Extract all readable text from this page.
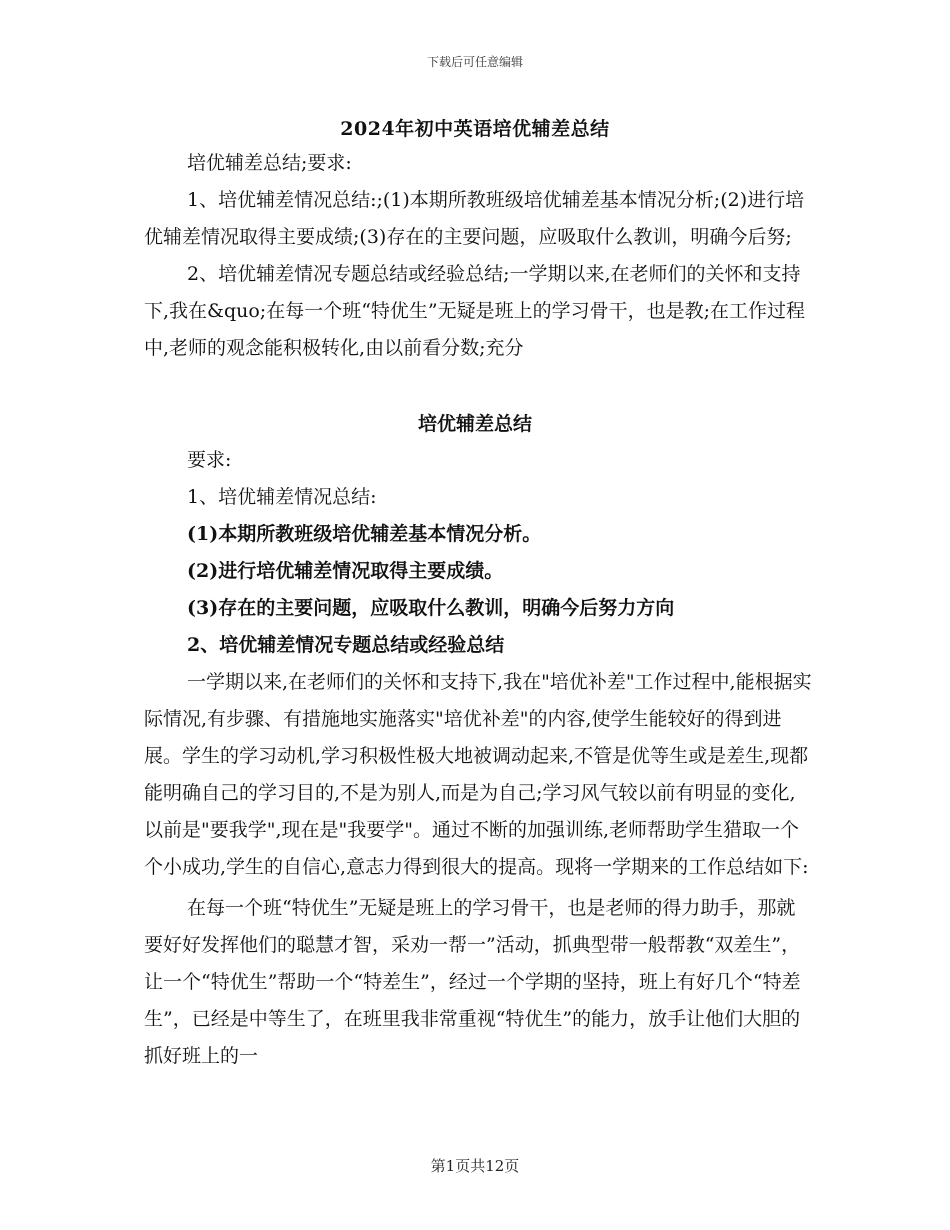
下载后可任意编辑
2024年初中英语培优辅差总结

培优辅差总结;要求:

1、培优辅差情况总结:;(1)本期所教班级培优辅差基本情况分析;(2)进行培优辅差情况取得主要成绩;(3)存在的主要问题，应吸取什么教训，明确今后努;

2、培优辅差情况专题总结或经验总结;一学期以来,在老师们的关怀和支持下,我在&quo;在每一个班“特优生”无疑是班上的学习骨干，也是教;在工作过程中,老师的观念能积极转化,由以前看分数;充分

培优辅差总结

要求:

1、培优辅差情况总结:

(1)本期所教班级培优辅差基本情况分析。

(2)进行培优辅差情况取得主要成绩。

(3)存在的主要问题，应吸取什么教训，明确今后努力方向

2、培优辅差情况专题总结或经验总结

一学期以来,在老师们的关怀和支持下,我在"培优补差"工作过程中,能根据实际情况,有步骤、有措施地实施落实"培优补差"的内容,使学生能较好的得到进展。学生的学习动机,学习积极性极大地被调动起来,不管是优等生或是差生,现都能明确自己的学习目的,不是为别人,而是为自己;学习风气较以前有明显的变化,以前是"要我学",现在是"我要学"。通过不断的加强训练,老师帮助学生猎取一个个小成功,学生的自信心,意志力得到很大的提高。现将一学期来的工作总结如下:

在每一个班“特优生”无疑是班上的学习骨干，也是老师的得力助手，那就要好好发挥他们的聪慧才智，采劝一帮一”活动，抓典型带一般帮教“双差生”，让一个“特优生”帮助一个“特差生”，经过一个学期的坚持，班上有好几个“特差生”，已经是中等生了，在班里我非常重视“特优生”的能力，放手让他们大胆的抓好班上的一

第1页共12页
